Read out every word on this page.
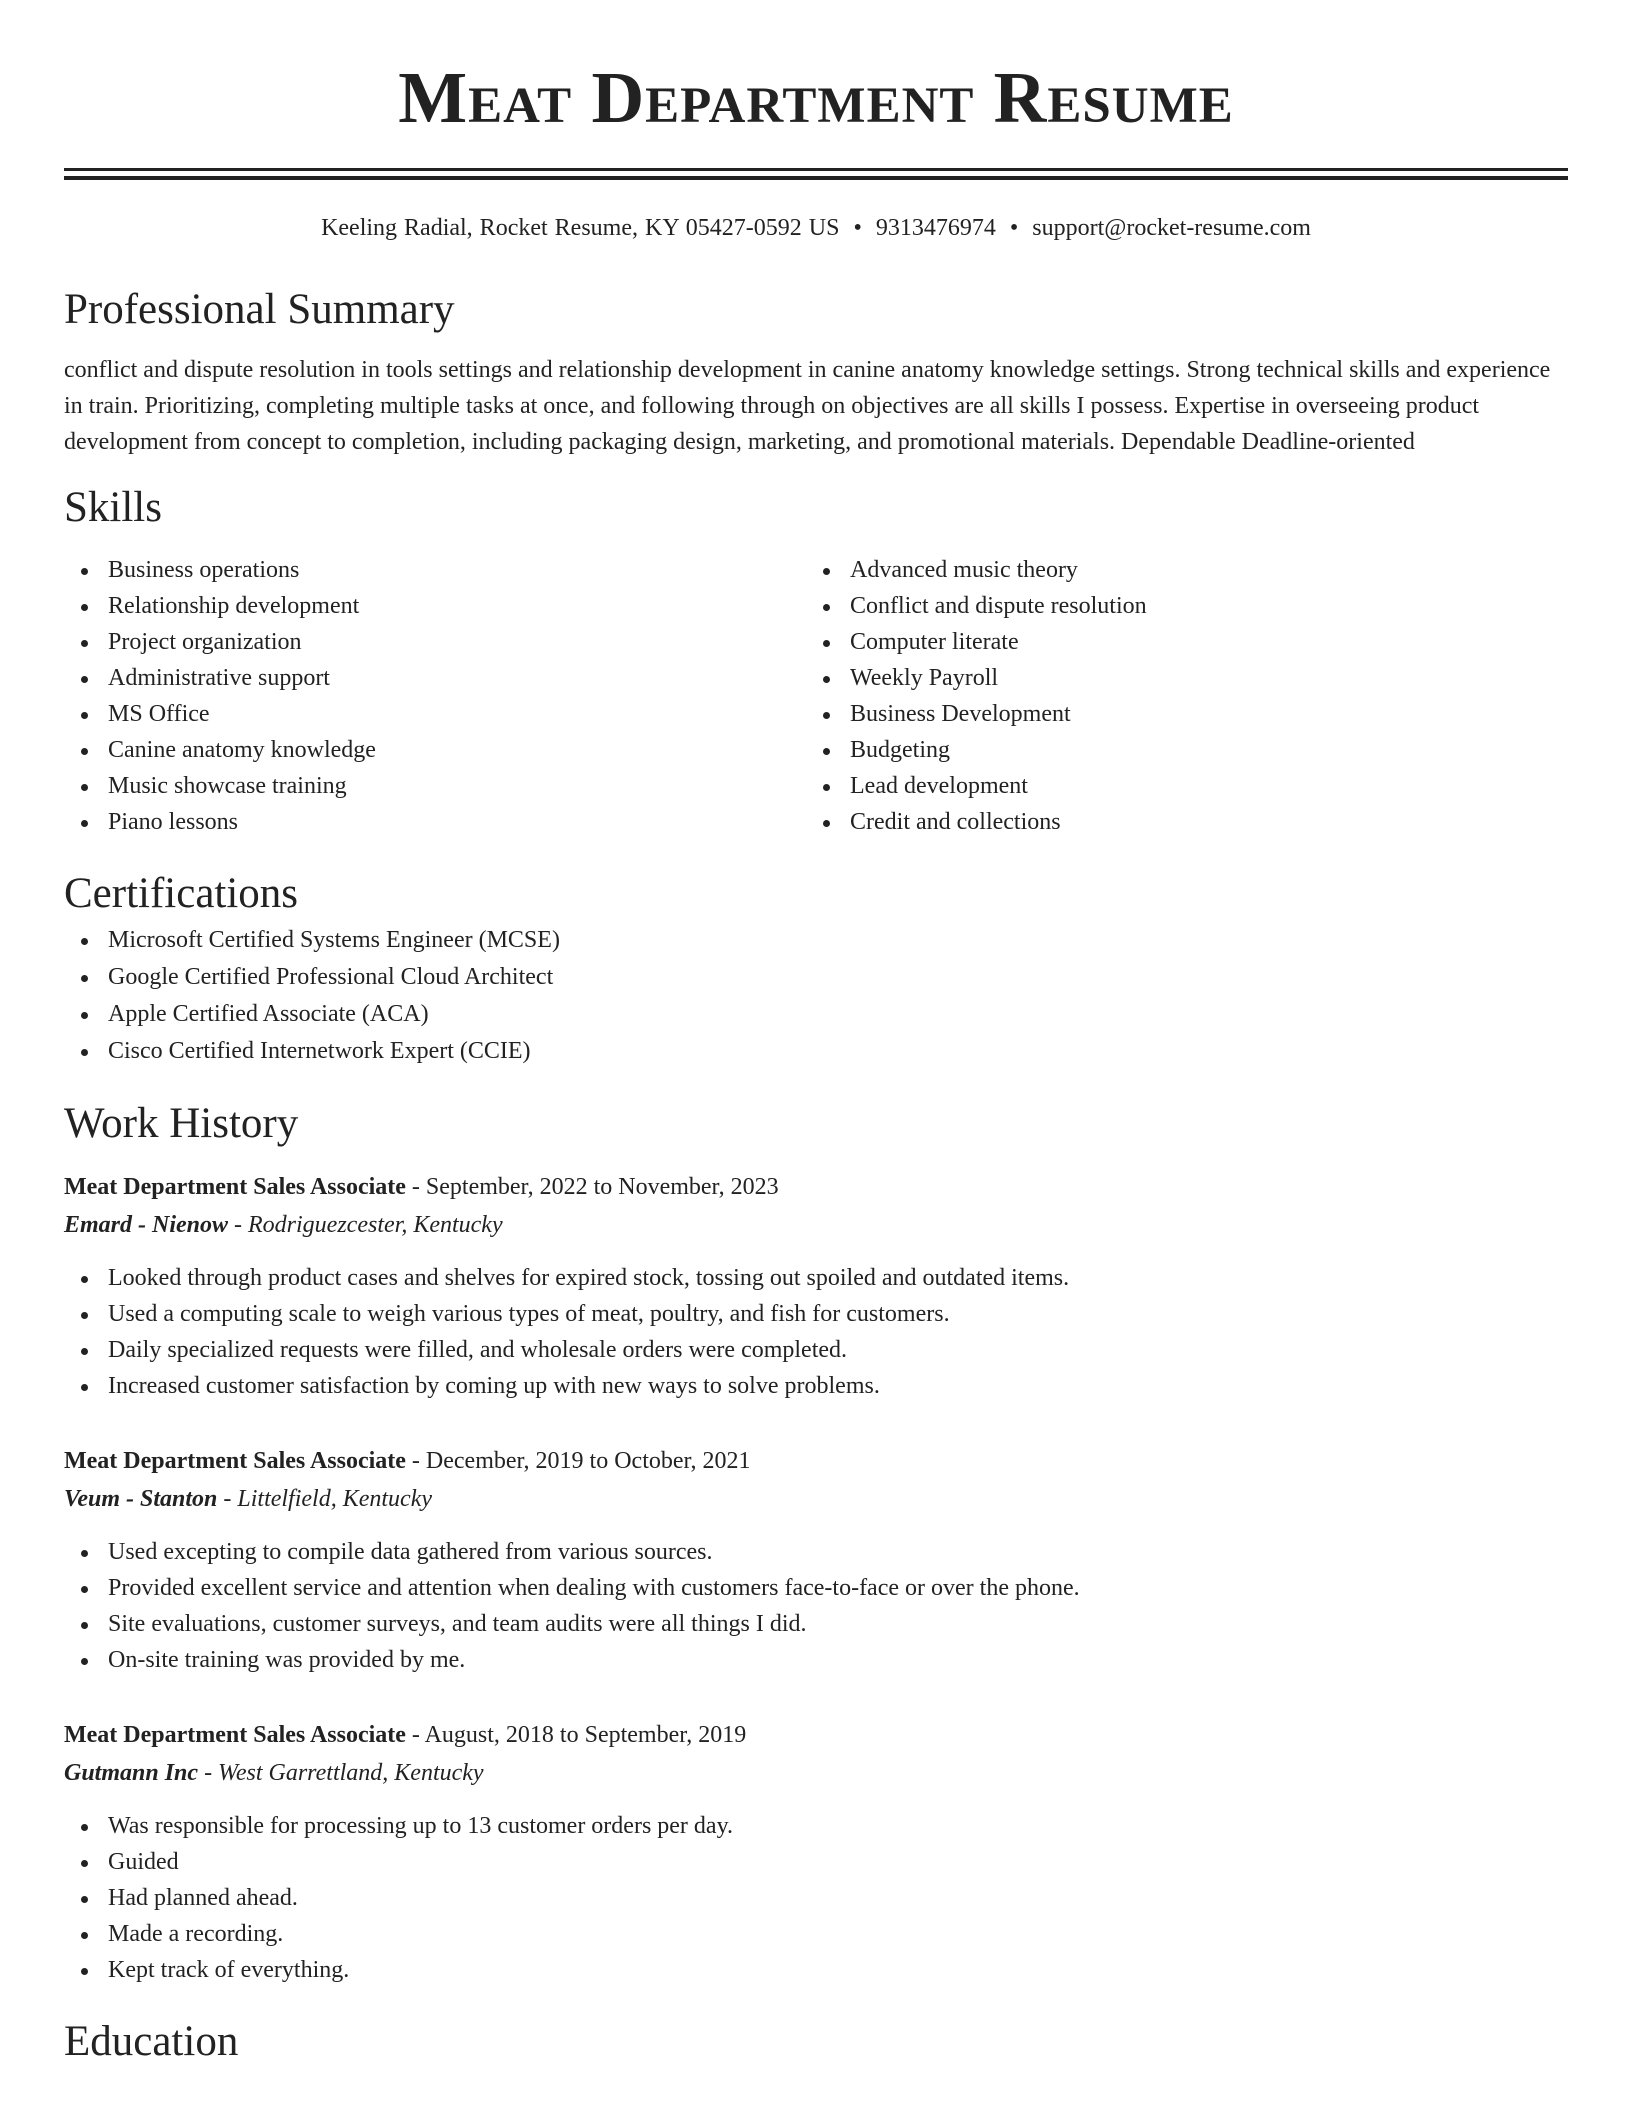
Meat Department Resume
Keeling Radial, Rocket Resume, KY 05427-0592 US • 9313476974 • support@rocket-resume.com
Professional Summary
conflict and dispute resolution in tools settings and relationship development in canine anatomy knowledge settings. Strong technical skills and experience in train. Prioritizing, completing multiple tasks at once, and following through on objectives are all skills I possess. Expertise in overseeing product development from concept to completion, including packaging design, marketing, and promotional materials. Dependable Deadline-oriented
Skills
Business operations
Relationship development
Project organization
Administrative support
MS Office
Canine anatomy knowledge
Music showcase training
Piano lessons
Advanced music theory
Conflict and dispute resolution
Computer literate
Weekly Payroll
Business Development
Budgeting
Lead development
Credit and collections
Certifications
Microsoft Certified Systems Engineer (MCSE)
Google Certified Professional Cloud Architect
Apple Certified Associate (ACA)
Cisco Certified Internetwork Expert (CCIE)
Work History
Meat Department Sales Associate - September, 2022 to November, 2023
Emard - Nienow - Rodriguezcester, Kentucky
Looked through product cases and shelves for expired stock, tossing out spoiled and outdated items.
Used a computing scale to weigh various types of meat, poultry, and fish for customers.
Daily specialized requests were filled, and wholesale orders were completed.
Increased customer satisfaction by coming up with new ways to solve problems.
Meat Department Sales Associate - December, 2019 to October, 2021
Veum - Stanton - Littelfield, Kentucky
Used excepting to compile data gathered from various sources.
Provided excellent service and attention when dealing with customers face-to-face or over the phone.
Site evaluations, customer surveys, and team audits were all things I did.
On-site training was provided by me.
Meat Department Sales Associate - August, 2018 to September, 2019
Gutmann Inc - West Garrettland, Kentucky
Was responsible for processing up to 13 customer orders per day.
Guided
Had planned ahead.
Made a recording.
Kept track of everything.
Education
